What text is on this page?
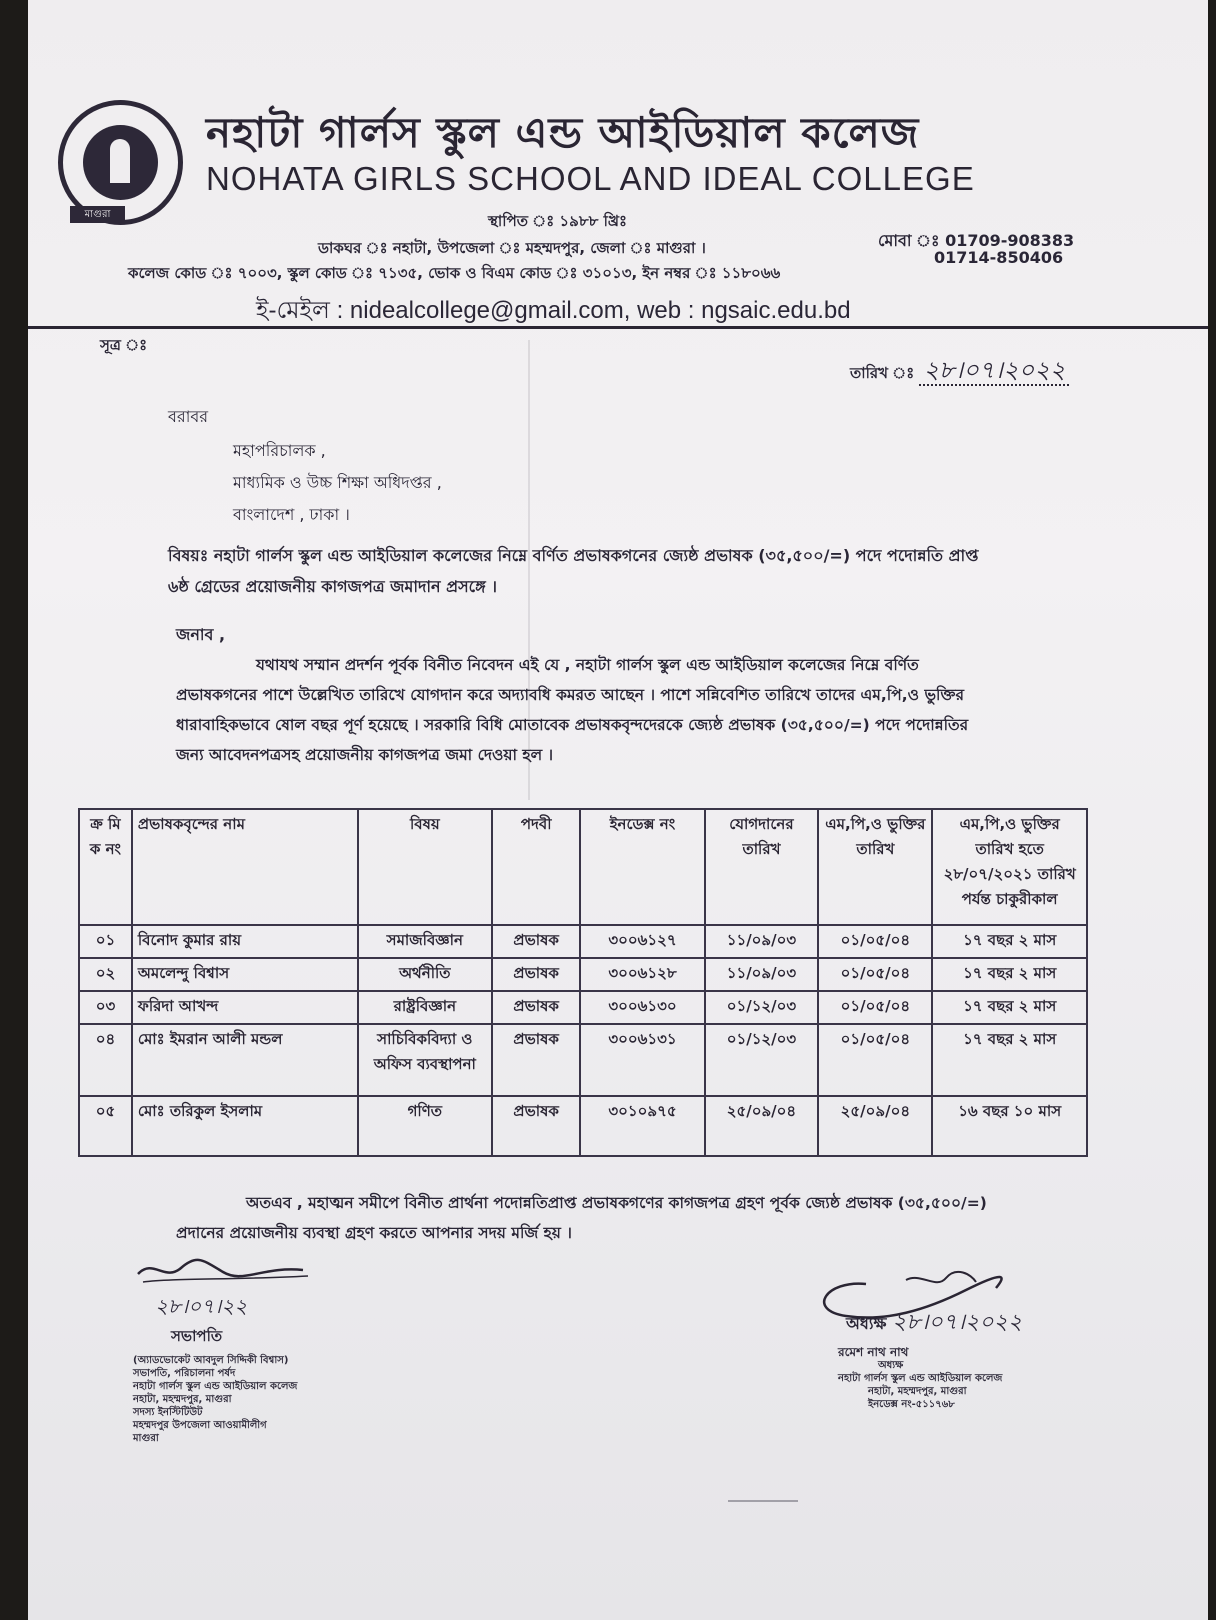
মাগুরা
নহাটা গার্লস স্কুল এন্ড আইডিয়াল কলেজ
NOHATA GIRLS SCHOOL AND IDEAL COLLEGE
স্থাপিত ঃ ১৯৮৮ খ্রিঃ
মোবা ঃ 01709-908383
01714-850406
ডাকঘর ঃ নহাটা, উপজেলা ঃ মহম্মদপুর, জেলা ঃ মাগুরা ।
কলেজ কোড ঃ ৭০০৩, স্কুল কোড ঃ ৭১৩৫, ভোক ও বিএম কোড ঃ ৩১০১৩, ইন নম্বর ঃ ১১৮০৬৬
ই-মেইল : nidealcollege@gmail.com, web : ngsaic.edu.bd
সূত্র ঃ
তারিখ ঃ ২৮।০৭।২০২২
বরাবর
মহাপরিচালক ,
মাধ্যমিক ও উচ্চ শিক্ষা অধিদপ্তর ,
বাংলাদেশ , ঢাকা ।
বিষয়ঃ নহাটা গার্লস স্কুল এন্ড আইডিয়াল কলেজের নিম্নে বর্ণিত প্রভাষকগনের জ্যেষ্ঠ প্রভাষক (৩৫,৫০০/=) পদে পদোন্নতি প্রাপ্ত ৬ষ্ঠ গ্রেডের প্রয়োজনীয় কাগজপত্র জমাদান প্রসঙ্গে ।
জনাব ,
যথাযথ সম্মান প্রদর্শন পূর্বক বিনীত নিবেদন এই যে , নহাটা গার্লস স্কুল এন্ড আইডিয়াল কলেজের নিম্নে বর্ণিত প্রভাষকগনের পাশে উল্লেখিত তারিখে যোগদান করে অদ্যাবধি কমরত আছেন । পাশে সন্নিবেশিত তারিখে তাদের এম,পি,ও ভুক্তির ধারাবাহিকভাবে ষোল বছর পূর্ণ হয়েছে । সরকারি বিধি মোতাবেক প্রভাষকবৃন্দদেরকে জ্যেষ্ঠ প্রভাষক (৩৫,৫০০/=) পদে পদোন্নতির জন্য আবেদনপত্রসহ প্রয়োজনীয় কাগজপত্র জমা দেওয়া হল ।
ক্র মি ক নং	প্রভাষকবৃন্দের নাম	বিষয়	পদবী	ইনডেক্স নং	যোগদানের তারিখ	এম,পি,ও ভুক্তির তারিখ	এম,পি,ও ভুক্তির তারিখ হতে ২৮/০৭/২০২১ তারিখ পর্যন্ত চাকুরীকাল
০১	বিনোদ কুমার রায়	সমাজবিজ্ঞান	প্রভাষক	৩০০৬১২৭	১১/০৯/০৩	০১/০৫/০৪	১৭ বছর ২ মাস
০২	অমলেন্দু বিশ্বাস	অর্থনীতি	প্রভাষক	৩০০৬১২৮	১১/০৯/০৩	০১/০৫/০৪	১৭ বছর ২ মাস
০৩	ফরিদা আখন্দ	রাষ্ট্রবিজ্ঞান	প্রভাষক	৩০০৬১৩০	০১/১২/০৩	০১/০৫/০৪	১৭ বছর ২ মাস
০৪	মোঃ ইমরান আলী মন্ডল	সাচিবিকবিদ্যা ও অফিস ব্যবস্থাপনা	প্রভাষক	৩০০৬১৩১	০১/১২/০৩	০১/০৫/০৪	১৭ বছর ২ মাস
০৫	মোঃ তরিকুল ইসলাম	গণিত	প্রভাষক	৩০১০৯৭৫	২৫/০৯/০৪	২৫/০৯/০৪	১৬ বছর ১০ মাস
অতএব , মহাত্মন সমীপে বিনীত প্রার্থনা পদোন্নতিপ্রাপ্ত প্রভাষকগণের কাগজপত্র গ্রহণ পূর্বক জ্যেষ্ঠ প্রভাষক (৩৫,৫০০/=) প্রদানের প্রয়োজনীয় ব্যবস্থা গ্রহণ করতে আপনার সদয় মর্জি হয় ।
২৮।০৭।২২
সভাপতি
(অ্যাডভোকেট আবদুল সিদ্দিকী বিশ্বাস)
সভাপতি, পরিচালনা পর্ষদ
নহাটা গার্লস স্কুল এন্ড আইডিয়াল কলেজ
নহাটা, মহম্মদপুর, মাগুরা
সদস্য ইনস্টিটিউট
মহম্মদপুর উপজেলা আওয়ামীলীগ
মাগুরা
অধ্যক্ষ ২৮।০৭।২০২২
রমেশ নাথ নাথ
অধ্যক্ষ
নহাটা গার্লস স্কুল এন্ড আইডিয়াল কলেজ
নহাটা, মহম্মদপুর, মাগুরা
ইনডেক্স নং-৫১১৭৬৮
